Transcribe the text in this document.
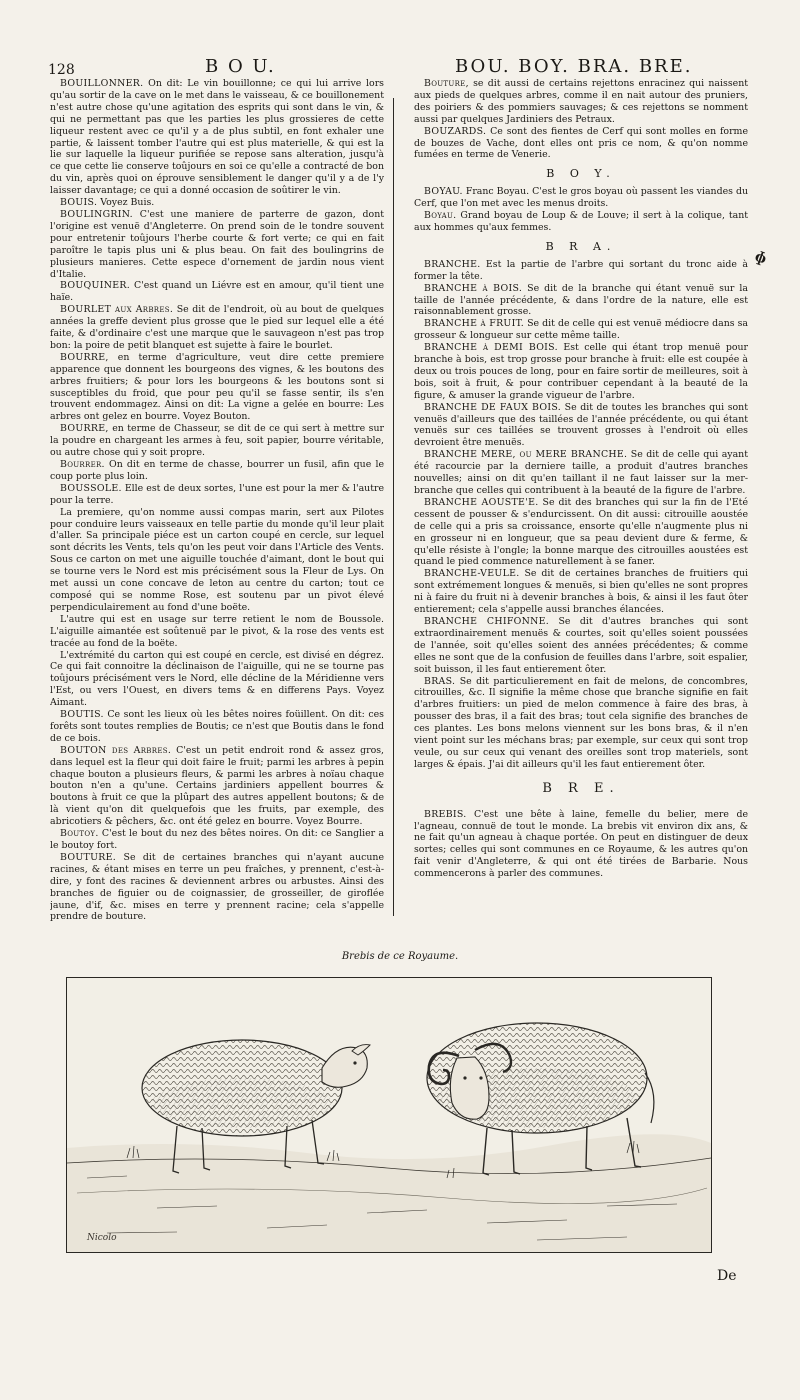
128	B O U.	BOU. BOY. BRA. BRE.

BOUILLONNER. On dit: Le vin bouillonne; ce qui lui arrive lors qu'au sortir de la cave on le met dans le vaisseau, & ce bouillonement n'est autre chose qu'une agitation des esprits qui sont dans le vin, & qui ne permettant pas que les parties les plus grossieres de cette liqueur restent avec ce qu'il y a de plus subtil, en font exhaler une partie, & laissent tomber l'autre qui est plus materielle, & qui est la lie sur laquelle la liqueur purifiée se repose sans alteration, jusqu'à ce que cette lie conserve toûjours en soi ce qu'elle a contracté de bon du vin, après quoi on éprouve sensiblement le danger qu'il y a de l'y laisser davantage; ce qui a donné occasion de soûtirer le vin.

BOUIS. Voyez Buis.

BOULINGRIN. C'est une maniere de parterre de gazon, dont l'origine est venuë d'Angleterre. On prend soin de le tondre souvent pour entretenir toûjours l'herbe courte & fort verte; ce qui en fait paroître le tapis plus uni & plus beau. On fait des boulingrins de plusieurs manieres. Cette espece d'ornement de jardin nous vient d'Italie.

BOUQUINER. C'est quand un Liévre est en amour, qu'il tient une haïe.

BOURLET aux Arbres. Se dit de l'endroit, où au bout de quelques années la greffe devient plus grosse que le pied sur lequel elle a été faite, & d'ordinaire c'est une marque que le sauvageon n'est pas trop bon: la poire de petit blanquet est sujette à faire le bourlet.

BOURRE, en terme d'agriculture, veut dire cette premiere apparence que donnent les bourgeons des vignes, & les boutons des arbres fruitiers; & pour lors les bourgeons & les boutons sont si susceptibles du froid, que pour peu qu'il se fasse sentir, ils s'en trouvent endommagez. Ainsi on dit: La vigne a gelée en bourre: Les arbres ont gelez en bourre. Voyez Bouton.

BOURRE, en terme de Chasseur, se dit de ce qui sert à mettre sur la poudre en chargeant les armes à feu, soit papier, bourre véritable, ou autre chose qui y soit propre.

Bourrer. On dit en terme de chasse, bourrer un fusil, afin que le coup porte plus loin.

BOUSSOLE. Elle est de deux sortes, l'une est pour la mer & l'autre pour la terre.

La premiere, qu'on nomme aussi compas marin, sert aux Pilotes pour conduire leurs vaisseaux en telle partie du monde qu'il leur plait d'aller. Sa principale piéce est un carton coupé en cercle, sur lequel sont décrits les Vents, tels qu'on les peut voir dans l'Article des Vents. Sous ce carton on met une aiguille touchée d'aimant, dont le bout qui se tourne vers le Nord est mis précisément sous la Fleur de Lys. On met aussi un cone concave de leton au centre du carton; tout ce composé qui se nomme Rose, est soutenu par un pivot élevé perpendiculairement au fond d'une boëte.

L'autre qui est en usage sur terre retient le nom de Boussole. L'aiguille aimantée est soûtenuë par le pivot, & la rose des vents est tracée au fond de la boëte.

L'extrémité du carton qui est coupé en cercle, est divisé en dégrez. Ce qui fait connoitre la déclinaison de l'aiguille, qui ne se tourne pas toûjours précisément vers le Nord, elle décline de la Méridienne vers l'Est, ou vers l'Ouest, en divers tems & en differens Pays. Voyez Aimant.

BOUTIS. Ce sont les lieux où les bêtes noires foüillent. On dit: ces forêts sont toutes remplies de Boutis; ce n'est que Boutis dans le fond de ce bois.

BOUTON des Arbres. C'est un petit endroit rond & assez gros, dans lequel est la fleur qui doit faire le fruit; parmi les arbres à pepin chaque bouton a plusieurs fleurs, & parmi les arbres à noïau chaque bouton n'en a qu'une. Certains jardiniers appellent bourres & boutons à fruit ce que la plûpart des autres appellent boutons; & de là vient qu'on dit quelquefois que les fruits, par exemple, des abricotiers & pêchers, &c. ont été gelez en bourre. Voyez Bourre.

Boutoy. C'est le bout du nez des bêtes noires. On dit: ce Sanglier a le boutoy fort.

BOUTURE. Se dit de certaines branches qui n'ayant aucune racines, & étant mises en terre un peu fraîches, y prennent, c'est-à-dire, y font des racines & deviennent arbres ou arbustes. Ainsi des branches de figuier ou de coignassier, de grosseiller, de giroflée jaune, d'if, &c. mises en terre y prennent racine; cela s'appelle prendre de bouture.

Bouture, se dit aussi de certains rejettons enracinez qui naissent aux pieds de quelques arbres, comme il en nait autour des pruniers, des poiriers & des pommiers sauvages; & ces rejettons se nomment aussi par quelques Jardiniers des Petraux.

BOUZARDS. Ce sont des fientes de Cerf qui sont molles en forme de bouzes de Vache, dont elles ont pris ce nom, & qu'on nomme fumées en terme de Venerie.

B O Y.

BOYAU. Franc Boyau. C'est le gros boyau où passent les viandes du Cerf, que l'on met avec les menus droits.

Boyau. Grand boyau de Loup & de Louve; il sert à la colique, tant aux hommes qu'aux femmes.

B R A.

BRANCHE. Est la partie de l'arbre qui sortant du tronc aide à former la tête.

BRANCHE à BOIS. Se dit de la branche qui étant venuë sur la taille de l'année précédente, & dans l'ordre de la nature, elle est raisonnablement grosse.

BRANCHE à FRUIT. Se dit de celle qui est venuë médiocre dans sa grosseur & longueur sur cette même taille.

BRANCHE à DEMI BOIS. Est celle qui étant trop menuë pour branche à bois, est trop grosse pour branche à fruit: elle est coupée à deux ou trois pouces de long, pour en faire sortir de meilleures, soit à bois, soit à fruit, & pour contribuer cependant à la beauté de la figure, & amuser la grande vigueur de l'arbre.

BRANCHE DE FAUX BOIS. Se dit de toutes les branches qui sont venuës d'ailleurs que des taillées de l'année précédente, ou qui étant venuës sur ces taillées se trouvent grosses à l'endroit où elles devroient être menuës.

BRANCHE MERE, ou MERE BRANCHE. Se dit de celle qui ayant été racourcie par la derniere taille, a produit d'autres branches nouvelles; ainsi on dit qu'en taillant il ne faut laisser sur la mer-branche que celles qui contribuent à la beauté de la figure de l'arbre.

BRANCHE AOUSTE'E. Se dit des branches qui sur la fin de l'Eté cessent de pousser & s'endurcissent. On dit aussi: citrouille aoustée de celle qui a pris sa croissance, ensorte qu'elle n'augmente plus ni en grosseur ni en longueur, que sa peau devient dure & ferme, & qu'elle résiste à l'ongle; la bonne marque des citrouilles aoustées est quand le pied commence naturellement à se faner.

BRANCHE-VEULE. Se dit de certaines branches de fruitiers qui sont extrémement longues & menuës, si bien qu'elles ne sont propres ni à faire du fruit ni à devenir branches à bois, & ainsi il les faut ôter entierement; cela s'appelle aussi branches élancées.

BRANCHE CHIFONNE. Se dit d'autres branches qui sont extraordinairement menuës & courtes, soit qu'elles soient poussées de l'année, soit qu'elles soient des années précédentes; & comme elles ne sont que de la confusion de feuilles dans l'arbre, soit espalier, soit buisson, il les faut entierement ôter.

BRAS. Se dit particulierement en fait de melons, de concombres, citrouilles, &c. Il signifie la même chose que branche signifie en fait d'arbres fruitiers: un pied de melon commence à faire des bras, à pousser des bras, il a fait des bras; tout cela signifie des branches de ces plantes. Les bons melons viennent sur les bons bras, & il n'en vient point sur les méchans bras; par exemple, sur ceux qui sont trop veule, ou sur ceux qui venant des oreilles sont trop materiels, sont larges & épais. J'ai dit ailleurs qu'il les faut entierement ôter.

B R E.

BREBIS. C'est une bête à laine, femelle du belier, mere de l'agneau, connuë de tout le monde. La brebis vit environ dix ans, & ne fait qu'un agneau à chaque portée. On peut en distinguer de deux sortes; celles qui sont communes en ce Royaume, & les autres qu'on fait venir d'Angleterre, & qui ont été tirées de Barbarie. Nous commencerons à parler des communes.

ɸ
Brebis de ce Royaume.
Nicolo
De
